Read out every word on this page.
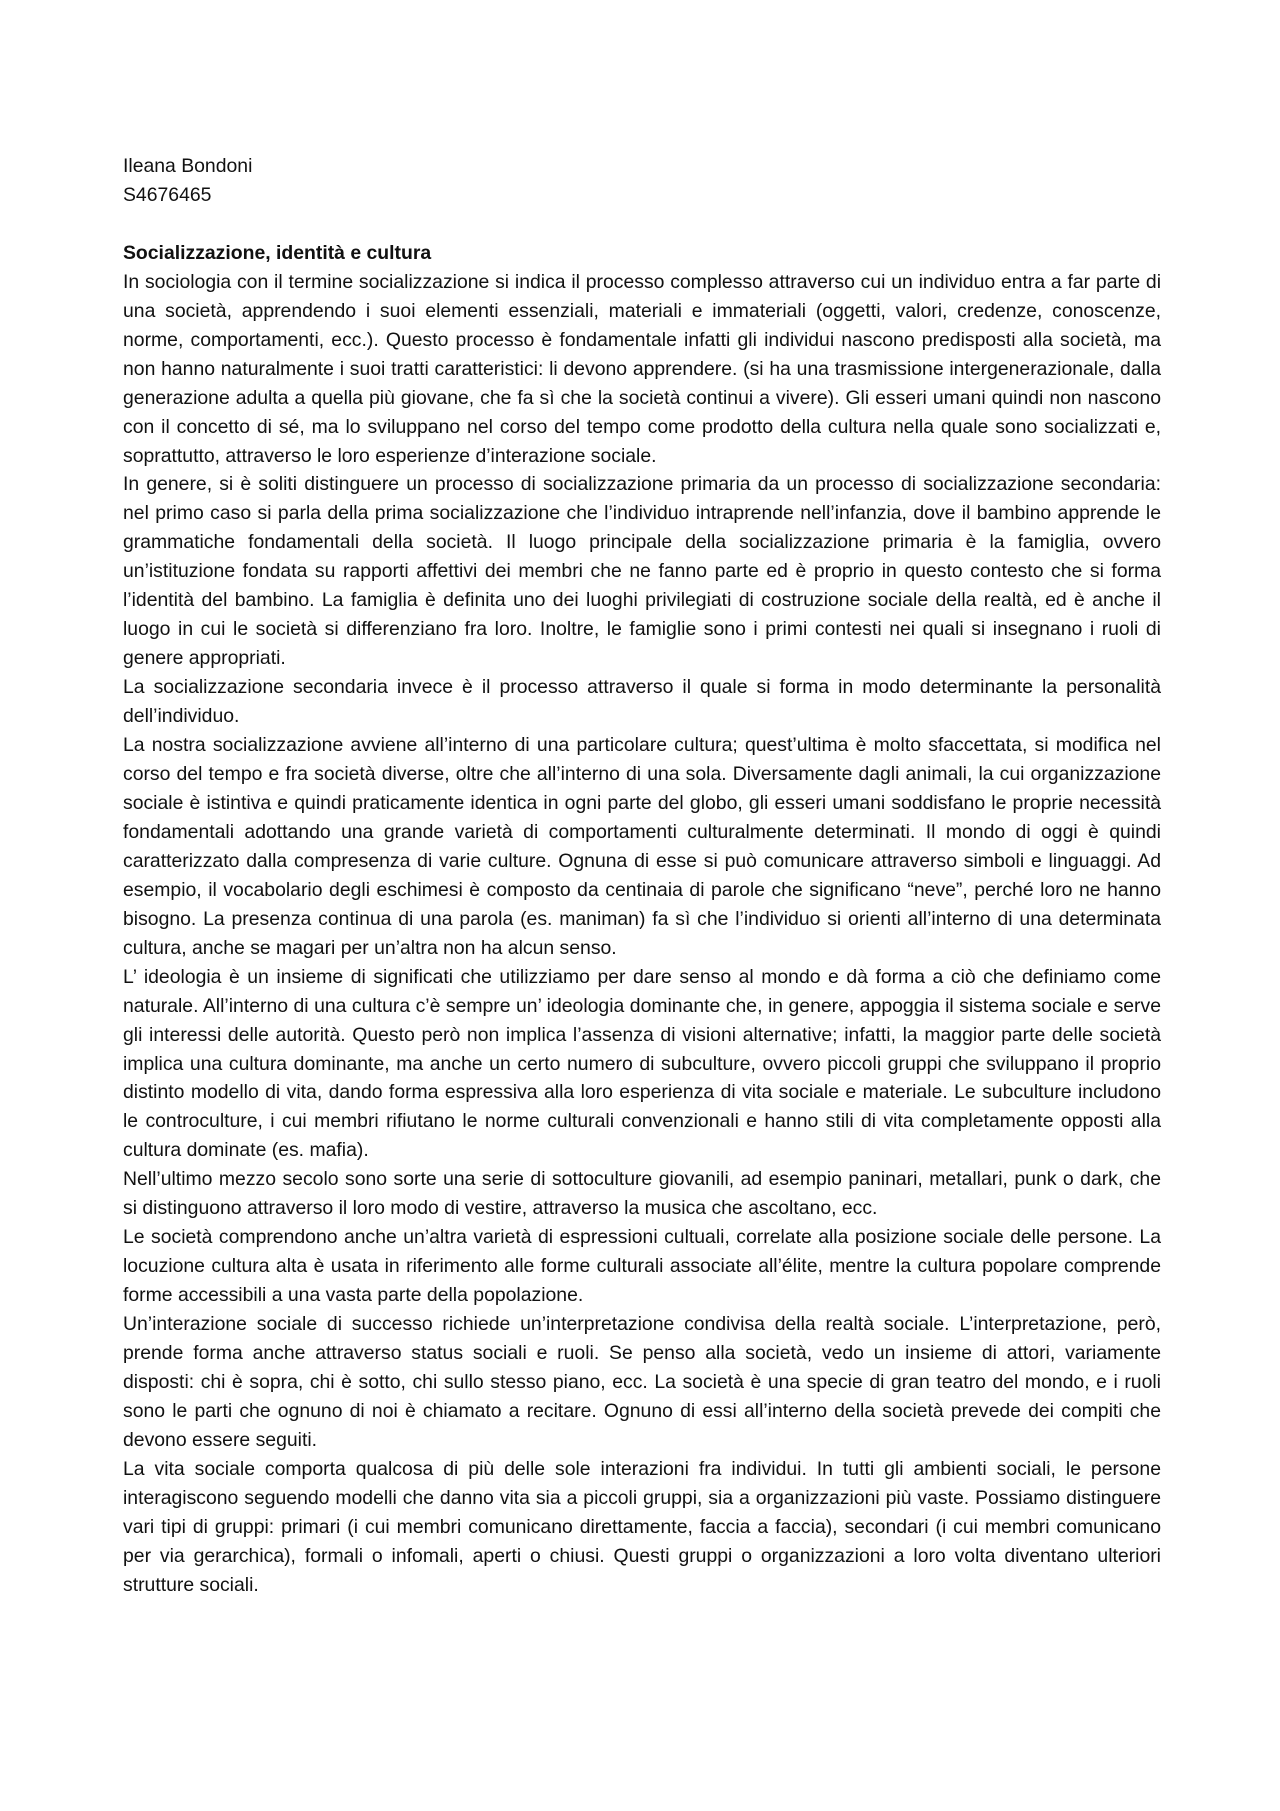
Ileana Bondoni

S4676465

Socializzazione, identità e cultura

In sociologia con il termine socializzazione si indica il processo complesso attraverso cui un individuo entra a far parte di una società, apprendendo i suoi elementi essenziali, materiali e immateriali (oggetti, valori, credenze, conoscenze, norme, comportamenti, ecc.). Questo processo è fondamentale infatti gli individui nascono predisposti alla società, ma non hanno naturalmente i suoi tratti caratteristici: li devono apprendere. (si ha una trasmissione intergenerazionale, dalla generazione adulta a quella più giovane, che fa sì che la società continui a vivere). Gli esseri umani quindi non nascono con il concetto di sé, ma lo sviluppano nel corso del tempo come prodotto della cultura nella quale sono socializzati e, soprattutto, attraverso le loro esperienze d’interazione sociale.

In genere, si è soliti distinguere un processo di socializzazione primaria da un processo di socializzazione secondaria: nel primo caso si parla della prima socializzazione che l’individuo intraprende nell’infanzia, dove il bambino apprende le grammatiche fondamentali della società. Il luogo principale della socializzazione primaria è la famiglia, ovvero un’istituzione fondata su rapporti affettivi dei membri che ne fanno parte ed è proprio in questo contesto che si forma l’identità del bambino. La famiglia è definita uno dei luoghi privilegiati di costruzione sociale della realtà, ed è anche il luogo in cui le società si differenziano fra loro. Inoltre, le famiglie sono i primi contesti nei quali si insegnano i ruoli di genere appropriati.

La socializzazione secondaria invece è il processo attraverso il quale si forma in modo determinante la personalità dell’individuo.

La nostra socializzazione avviene all’interno di una particolare cultura; quest’ultima è molto sfaccettata, si modifica nel corso del tempo e fra società diverse, oltre che all’interno di una sola. Diversamente dagli animali, la cui organizzazione sociale è istintiva e quindi praticamente identica in ogni parte del globo, gli esseri umani soddisfano le proprie necessità fondamentali adottando una grande varietà di comportamenti culturalmente determinati. Il mondo di oggi è quindi caratterizzato dalla compresenza di varie culture. Ognuna di esse si può comunicare attraverso simboli e linguaggi. Ad esempio, il vocabolario degli eschimesi è composto da centinaia di parole che significano “neve”, perché loro ne hanno bisogno. La presenza continua di una parola (es. maniman) fa sì che l’individuo si orienti all’interno di una determinata cultura, anche se magari per un’altra non ha alcun senso.

L’ ideologia è un insieme di significati che utilizziamo per dare senso al mondo e dà forma a ciò che definiamo come naturale. All’interno di una cultura c’è sempre un’ ideologia dominante che, in genere, appoggia il sistema sociale e serve gli interessi delle autorità. Questo però non implica l’assenza di visioni alternative; infatti, la maggior parte delle società implica una cultura dominante, ma anche un certo numero di subculture, ovvero piccoli gruppi che sviluppano il proprio distinto modello di vita, dando forma espressiva alla loro esperienza di vita sociale e materiale. Le subculture includono le controculture, i cui membri rifiutano le norme culturali convenzionali e hanno stili di vita completamente opposti alla cultura dominate (es. mafia).

Nell’ultimo mezzo secolo sono sorte una serie di sottoculture giovanili, ad esempio paninari, metallari, punk o dark, che si distinguono attraverso il loro modo di vestire, attraverso la musica che ascoltano, ecc.

Le società comprendono anche un’altra varietà di espressioni cultuali, correlate alla posizione sociale delle persone. La locuzione cultura alta è usata in riferimento alle forme culturali associate all’élite, mentre la cultura popolare comprende forme accessibili a una vasta parte della popolazione.

Un’interazione sociale di successo richiede un’interpretazione condivisa della realtà sociale. L’interpretazione, però, prende forma anche attraverso status sociali e ruoli. Se penso alla società, vedo un insieme di attori, variamente disposti: chi è sopra, chi è sotto, chi sullo stesso piano, ecc. La società è una specie di gran teatro del mondo, e i ruoli sono le parti che ognuno di noi è chiamato a recitare. Ognuno di essi all’interno della società prevede dei compiti che devono essere seguiti.

La vita sociale comporta qualcosa di più delle sole interazioni fra individui. In tutti gli ambienti sociali, le persone interagiscono seguendo modelli che danno vita sia a piccoli gruppi, sia a organizzazioni più vaste. Possiamo distinguere vari tipi di gruppi: primari (i cui membri comunicano direttamente, faccia a faccia), secondari (i cui membri comunicano per via gerarchica), formali o infomali, aperti o chiusi. Questi gruppi o organizzazioni a loro volta diventano ulteriori strutture sociali.
